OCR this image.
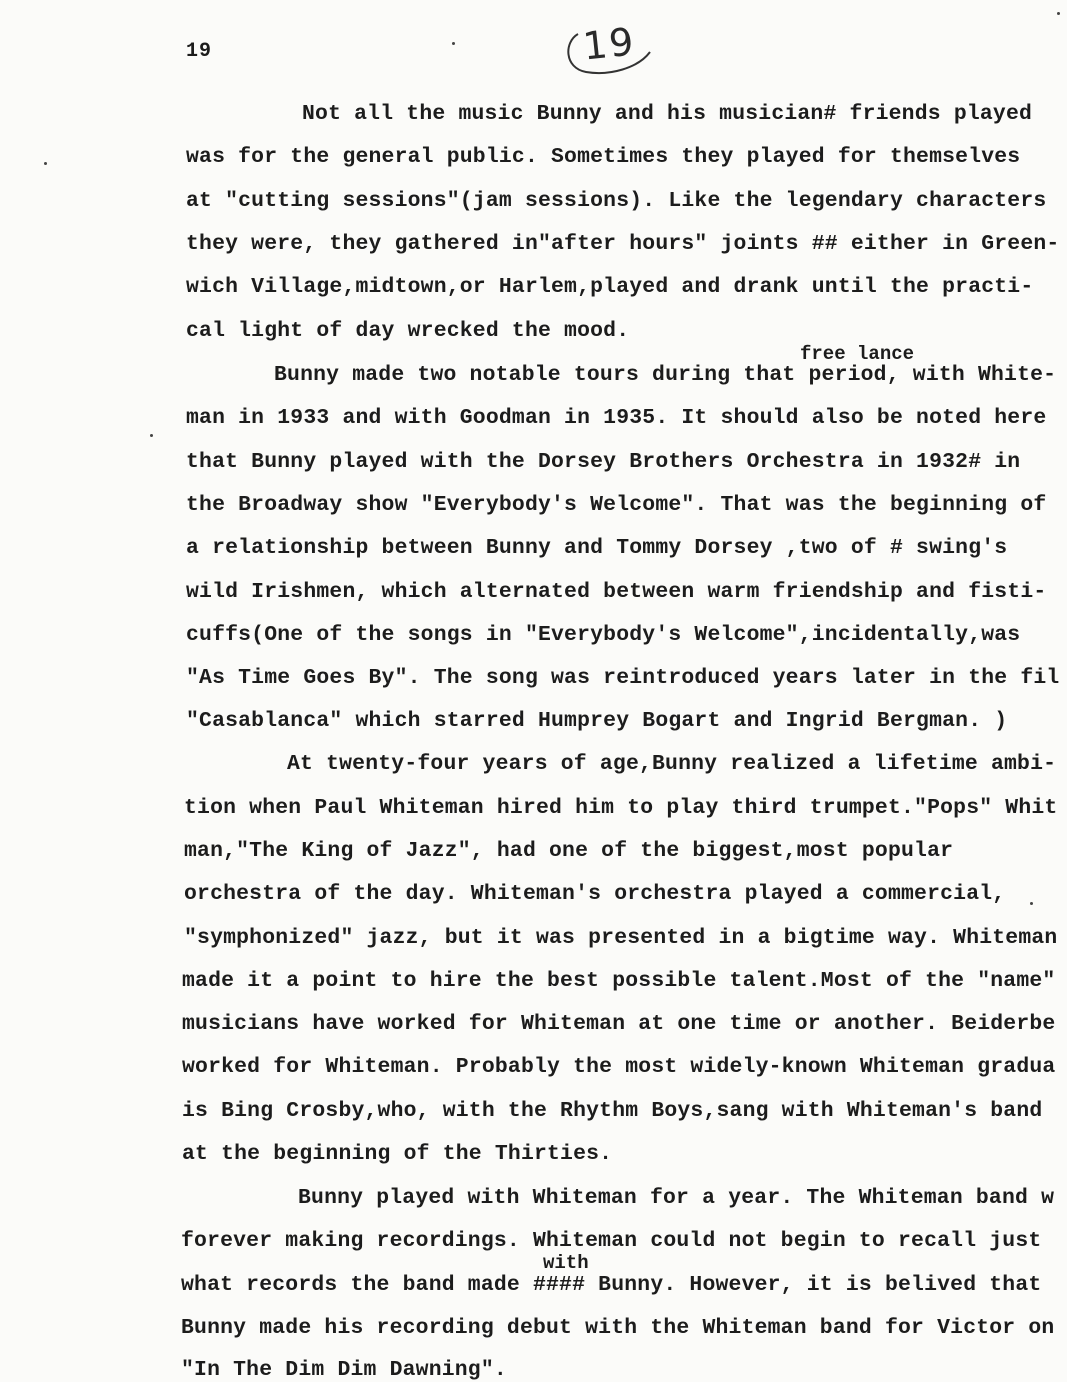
19	19
free lance
with
Not all the music Bunny and his musician# friends played
was for the general public. Sometimes they played for themselves
at "cutting sessions"(jam sessions). Like the legendary characters
they were, they gathered in"after hours" joints ## either in Green-
wich Village,midtown,or Harlem,played and drank until the practi-
cal light of day wrecked the mood.
Bunny made two notable tours during that period, with White-
man in 1933 and with Goodman in 1935. It should also be noted here
that Bunny played with the Dorsey Brothers Orchestra in 1932# in
the Broadway show "Everybody's Welcome". That was the beginning of
a relationship between Bunny and Tommy Dorsey ,two of # swing's
wild Irishmen, which alternated between warm friendship and fisti-
cuffs(One of the songs in "Everybody's Welcome",incidentally,was
"As Time Goes By". The song was reintroduced years later in the fil
"Casablanca" which starred Humprey Bogart and Ingrid Bergman. )
At twenty-four years of age,Bunny realized a lifetime ambi-
tion when Paul Whiteman hired him to play third trumpet."Pops" Whit
man,"The King of Jazz", had one of the biggest,most popular
orchestra of the day. Whiteman's orchestra played a commercial,
"symphonized" jazz, but it was presented in a bigtime way. Whiteman
made it a point to hire the best possible talent.Most of the "name"
musicians have worked for Whiteman at one time or another. Beiderbe
worked for Whiteman. Probably the most widely-known Whiteman gradua
is Bing Crosby,who, with the Rhythm Boys,sang with Whiteman's band
at the beginning of the Thirties.
Bunny played with Whiteman for a year. The Whiteman band w
forever making recordings. Whiteman could not begin to recall just
what records the band made #### Bunny. However, it is belived that
Bunny made his recording debut with the Whiteman band for Victor on
"In The Dim Dim Dawning".
